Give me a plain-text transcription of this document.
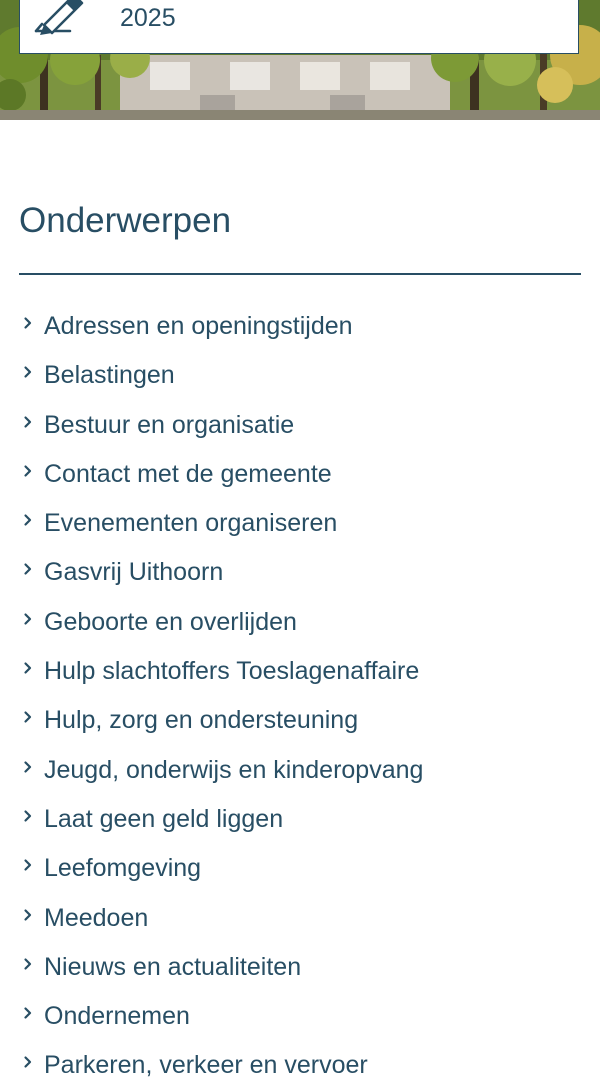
2025
Onderwerpen
Adressen en openingstijden
Belastingen
Bestuur en organisatie
Contact met de gemeente
Evenementen organiseren
Gasvrij Uithoorn
Geboorte en overlijden
Hulp slachtoffers Toeslagenaffaire
Hulp, zorg en ondersteuning
Jeugd, onderwijs en kinderopvang
Laat geen geld liggen
Leefomgeving
Meedoen
Nieuws en actualiteiten
Ondernemen
Parkeren, verkeer en vervoer
